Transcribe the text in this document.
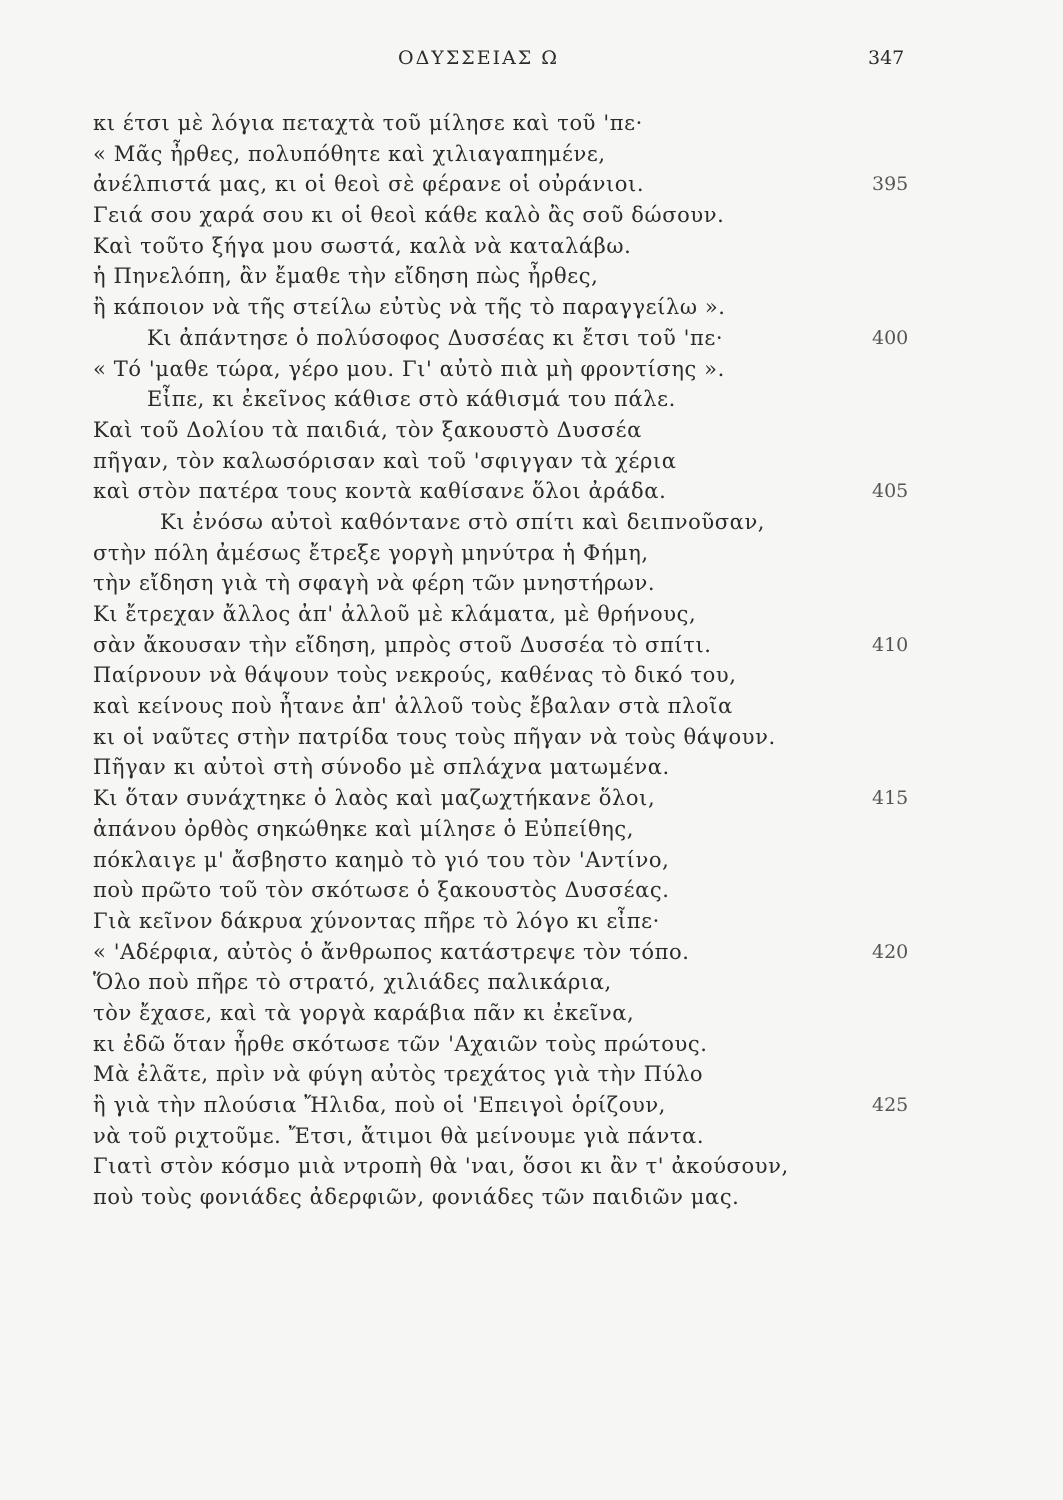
ΟΔΥΣΣΕΙΑΣ Ω	347
κι έτσι μὲ λόγια πεταχτὰ τοῦ μίλησε καὶ τοῦ 'πε·
« Μᾶς ἦρθες, πολυπόθητε καὶ χιλιαγαπημένε,
ἀνέλπιστά μας, κι οἱ θεοὶ σὲ φέρανε οἱ οὐράνιοι.	395
Γειά σου χαρά σου κι οἱ θεοὶ κάθε καλὸ ἂς σοῦ δώσουν.
Καὶ τοῦτο ξήγα μου σωστά, καλὰ νὰ καταλάβω.
ἡ Πηνελόπη, ἂν ἔμαθε τὴν εἴδηση πὼς ἦρθες,
ἢ κάποιον νὰ τῆς στείλω εὐτὺς νὰ τῆς τὸ παραγγείλω ».
Κι ἀπάντησε ὁ πολύσοφος Δυσσέας κι ἔτσι τοῦ 'πε·	400
« Τό 'μαθε τώρα, γέρο μου. Γι' αὐτὸ πιὰ μὴ φροντίσης ».
Εἶπε, κι ἐκεῖνος κάθισε στὸ κάθισμά του πάλε.
Καὶ τοῦ Δολίου τὰ παιδιά, τὸν ξακουστὸ Δυσσέα
πῆγαν, τὸν καλωσόρισαν καὶ τοῦ 'σφιγγαν τὰ χέρια
καὶ στὸν πατέρα τους κοντὰ καθίσανε ὅλοι ἀράδα.	405
Κι ἐνόσω αὐτοὶ καθόντανε στὸ σπίτι καὶ δειπνοῦσαν,
στὴν πόλη ἀμέσως ἔτρεξε γοργὴ μηνύτρα ἡ Φήμη,
τὴν εἴδηση γιὰ τὴ σφαγὴ νὰ φέρη τῶν μνηστήρων.
Κι ἔτρεχαν ἄλλος ἀπ' ἀλλοῦ μὲ κλάματα, μὲ θρήνους,
σὰν ἄκουσαν τὴν εἴδηση, μπρὸς στοῦ Δυσσέα τὸ σπίτι.	410
Παίρνουν νὰ θάψουν τοὺς νεκρούς, καθένας τὸ δικό του,
καὶ κείνους ποὺ ἦτανε ἀπ' ἀλλοῦ τοὺς ἔβαλαν στὰ πλοῖα
κι οἱ ναῦτες στὴν πατρίδα τους τοὺς πῆγαν νὰ τοὺς θάψουν.
Πῆγαν κι αὐτοὶ στὴ σύνοδο μὲ σπλάχνα ματωμένα.
Κι ὅταν συνάχτηκε ὁ λαὸς καὶ μαζωχτήκανε ὅλοι,	415
ἀπάνου ὀρθὸς σηκώθηκε καὶ μίλησε ὁ Εὐπείθης,
πόκλαιγε μ' ἄσβηστο καημὸ τὸ γιό του τὸν 'Αντίνο,
ποὺ πρῶτο τοῦ τὸν σκότωσε ὁ ξακουστὸς Δυσσέας.
Γιὰ κεῖνον δάκρυα χύνοντας πῆρε τὸ λόγο κι εἶπε·
« 'Αδέρφια, αὐτὸς ὁ ἄνθρωπος κατάστρεψε τὸν τόπο.	420
Ὅλο ποὺ πῆρε τὸ στρατό, χιλιάδες παλικάρια,
τὸν ἔχασε, καὶ τὰ γοργὰ καράβια πᾶν κι ἐκεῖνα,
κι ἐδῶ ὅταν ἦρθε σκότωσε τῶν 'Αχαιῶν τοὺς πρώτους.
Μὰ ἐλᾶτε, πρὶν νὰ φύγη αὐτὸς τρεχάτος γιὰ τὴν Πύλο
ἢ γιὰ τὴν πλούσια Ἤλιδα, ποὺ οἱ 'Επειγοὶ ὁρίζουν,	425
νὰ τοῦ ριχτοῦμε. Ἔτσι, ἄτιμοι θὰ μείνουμε γιὰ πάντα.
Γιατὶ στὸν κόσμο μιὰ ντροπὴ θὰ 'ναι, ὅσοι κι ἂν τ' ἀκούσουν,
ποὺ τοὺς φονιάδες ἀδερφιῶν, φονιάδες τῶν παιδιῶν μας.
